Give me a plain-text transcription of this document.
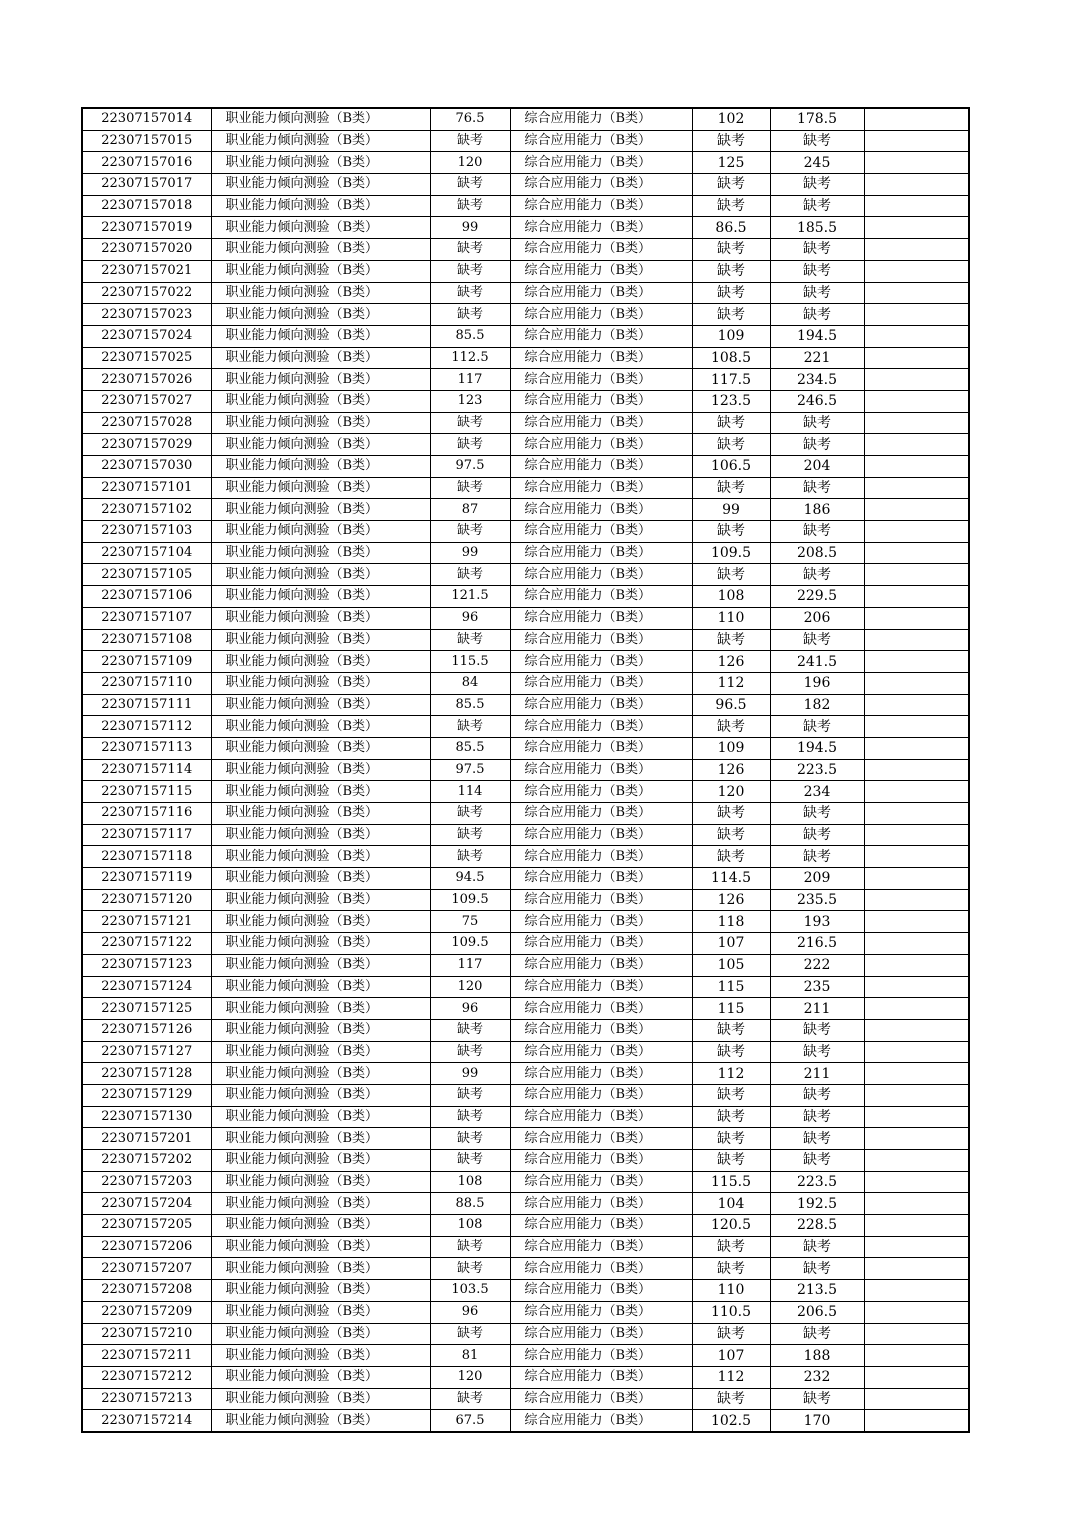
22307157014	职业能力倾向测验（B类）	76.5	综合应用能力（B类）	102	178.5	
22307157015	职业能力倾向测验（B类）	缺考	综合应用能力（B类）	缺考	缺考	
22307157016	职业能力倾向测验（B类）	120	综合应用能力（B类）	125	245	
22307157017	职业能力倾向测验（B类）	缺考	综合应用能力（B类）	缺考	缺考	
22307157018	职业能力倾向测验（B类）	缺考	综合应用能力（B类）	缺考	缺考	
22307157019	职业能力倾向测验（B类）	99	综合应用能力（B类）	86.5	185.5	
22307157020	职业能力倾向测验（B类）	缺考	综合应用能力（B类）	缺考	缺考	
22307157021	职业能力倾向测验（B类）	缺考	综合应用能力（B类）	缺考	缺考	
22307157022	职业能力倾向测验（B类）	缺考	综合应用能力（B类）	缺考	缺考	
22307157023	职业能力倾向测验（B类）	缺考	综合应用能力（B类）	缺考	缺考	
22307157024	职业能力倾向测验（B类）	85.5	综合应用能力（B类）	109	194.5	
22307157025	职业能力倾向测验（B类）	112.5	综合应用能力（B类）	108.5	221	
22307157026	职业能力倾向测验（B类）	117	综合应用能力（B类）	117.5	234.5	
22307157027	职业能力倾向测验（B类）	123	综合应用能力（B类）	123.5	246.5	
22307157028	职业能力倾向测验（B类）	缺考	综合应用能力（B类）	缺考	缺考	
22307157029	职业能力倾向测验（B类）	缺考	综合应用能力（B类）	缺考	缺考	
22307157030	职业能力倾向测验（B类）	97.5	综合应用能力（B类）	106.5	204	
22307157101	职业能力倾向测验（B类）	缺考	综合应用能力（B类）	缺考	缺考	
22307157102	职业能力倾向测验（B类）	87	综合应用能力（B类）	99	186	
22307157103	职业能力倾向测验（B类）	缺考	综合应用能力（B类）	缺考	缺考	
22307157104	职业能力倾向测验（B类）	99	综合应用能力（B类）	109.5	208.5	
22307157105	职业能力倾向测验（B类）	缺考	综合应用能力（B类）	缺考	缺考	
22307157106	职业能力倾向测验（B类）	121.5	综合应用能力（B类）	108	229.5	
22307157107	职业能力倾向测验（B类）	96	综合应用能力（B类）	110	206	
22307157108	职业能力倾向测验（B类）	缺考	综合应用能力（B类）	缺考	缺考	
22307157109	职业能力倾向测验（B类）	115.5	综合应用能力（B类）	126	241.5	
22307157110	职业能力倾向测验（B类）	84	综合应用能力（B类）	112	196	
22307157111	职业能力倾向测验（B类）	85.5	综合应用能力（B类）	96.5	182	
22307157112	职业能力倾向测验（B类）	缺考	综合应用能力（B类）	缺考	缺考	
22307157113	职业能力倾向测验（B类）	85.5	综合应用能力（B类）	109	194.5	
22307157114	职业能力倾向测验（B类）	97.5	综合应用能力（B类）	126	223.5	
22307157115	职业能力倾向测验（B类）	114	综合应用能力（B类）	120	234	
22307157116	职业能力倾向测验（B类）	缺考	综合应用能力（B类）	缺考	缺考	
22307157117	职业能力倾向测验（B类）	缺考	综合应用能力（B类）	缺考	缺考	
22307157118	职业能力倾向测验（B类）	缺考	综合应用能力（B类）	缺考	缺考	
22307157119	职业能力倾向测验（B类）	94.5	综合应用能力（B类）	114.5	209	
22307157120	职业能力倾向测验（B类）	109.5	综合应用能力（B类）	126	235.5	
22307157121	职业能力倾向测验（B类）	75	综合应用能力（B类）	118	193	
22307157122	职业能力倾向测验（B类）	109.5	综合应用能力（B类）	107	216.5	
22307157123	职业能力倾向测验（B类）	117	综合应用能力（B类）	105	222	
22307157124	职业能力倾向测验（B类）	120	综合应用能力（B类）	115	235	
22307157125	职业能力倾向测验（B类）	96	综合应用能力（B类）	115	211	
22307157126	职业能力倾向测验（B类）	缺考	综合应用能力（B类）	缺考	缺考	
22307157127	职业能力倾向测验（B类）	缺考	综合应用能力（B类）	缺考	缺考	
22307157128	职业能力倾向测验（B类）	99	综合应用能力（B类）	112	211	
22307157129	职业能力倾向测验（B类）	缺考	综合应用能力（B类）	缺考	缺考	
22307157130	职业能力倾向测验（B类）	缺考	综合应用能力（B类）	缺考	缺考	
22307157201	职业能力倾向测验（B类）	缺考	综合应用能力（B类）	缺考	缺考	
22307157202	职业能力倾向测验（B类）	缺考	综合应用能力（B类）	缺考	缺考	
22307157203	职业能力倾向测验（B类）	108	综合应用能力（B类）	115.5	223.5	
22307157204	职业能力倾向测验（B类）	88.5	综合应用能力（B类）	104	192.5	
22307157205	职业能力倾向测验（B类）	108	综合应用能力（B类）	120.5	228.5	
22307157206	职业能力倾向测验（B类）	缺考	综合应用能力（B类）	缺考	缺考	
22307157207	职业能力倾向测验（B类）	缺考	综合应用能力（B类）	缺考	缺考	
22307157208	职业能力倾向测验（B类）	103.5	综合应用能力（B类）	110	213.5	
22307157209	职业能力倾向测验（B类）	96	综合应用能力（B类）	110.5	206.5	
22307157210	职业能力倾向测验（B类）	缺考	综合应用能力（B类）	缺考	缺考	
22307157211	职业能力倾向测验（B类）	81	综合应用能力（B类）	107	188	
22307157212	职业能力倾向测验（B类）	120	综合应用能力（B类）	112	232	
22307157213	职业能力倾向测验（B类）	缺考	综合应用能力（B类）	缺考	缺考	
22307157214	职业能力倾向测验（B类）	67.5	综合应用能力（B类）	102.5	170	
